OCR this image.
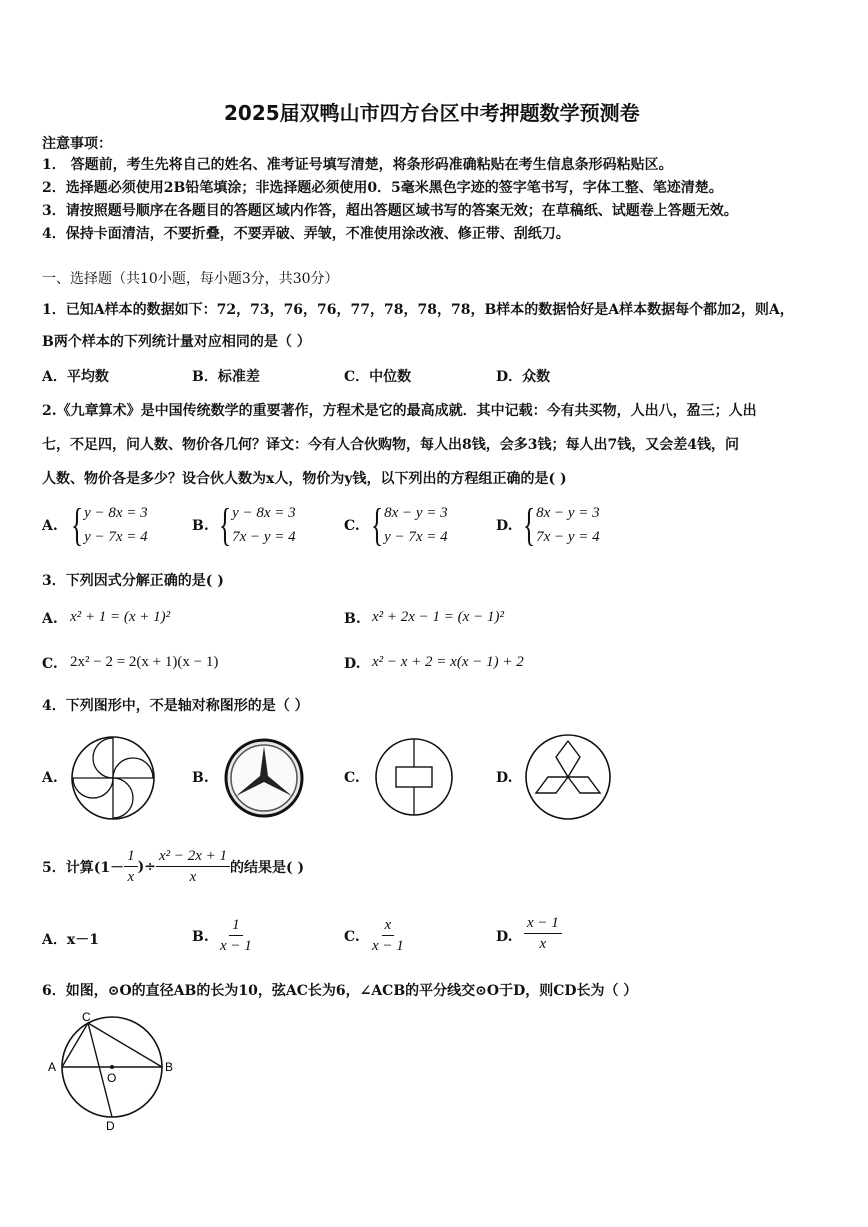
2025届双鸭山市四方台区中考押题数学预测卷
注意事项：
1． 答题前，考生先将自己的姓名、准考证号填写清楚，将条形码准确粘贴在考生信息条形码粘贴区。
2．选择题必须使用2B铅笔填涂；非选择题必须使用0．5毫米黑色字迹的签字笔书写，字体工整、笔迹清楚。
3．请按照题号顺序在各题目的答题区域内作答，超出答题区域书写的答案无效；在草稿纸、试题卷上答题无效。
4．保持卡面清洁，不要折叠，不要弄破、弄皱，不准使用涂改液、修正带、刮纸刀。
一、选择题（共10小题，每小题3分，共30分）
1．已知A样本的数据如下：72，73，76，76，77，78，78，78，B样本的数据恰好是A样本数据每个都加2，则A，
B两个样本的下列统计量对应相同的是（ ）
A．平均数	B．标准差	C．中位数	D．众数
2.《九章算术》是中国传统数学的重要著作，方程术是它的最高成就．其中记载：今有共买物，人出八，盈三；人出
七，不足四，问人数、物价各几何？译文：今有人合伙购物，每人出8钱，会多3钱；每人出7钱，又会差4钱，问
人数、物价各是多少？设合伙人数为x人，物价为y钱，以下列出的方程组正确的是( )
A. { y − 8x = 3
y − 7x = 4
B. { y − 8x = 3
7x − y = 4
C. { 8x − y = 3
y − 7x = 4
D. { 8x − y = 3
7x − y = 4
3．下列因式分解正确的是( )
A. x² + 1 = (x + 1)²	B. x² + 2x − 1 = (x − 1)²
C. 2x² − 2 = 2(x + 1)(x − 1)	D. x² − x + 2 = x(x − 1) + 2
4．下列图形中，不是轴对称图形的是（ ）
A.	B.	C.	D.
5．计算($1- \frac{1}{x}$ )÷ $\frac{\text{x² − 2x + 1}}{x}$ 的结果是( )
A．x－1	B. $\frac{1}{x - 1}$	C. $\frac{x}{x - 1}$	D. $\frac{x - 1}{x}$
6．如图，⊙O的直径AB的长为10，弦AC长为6，∠ACB的平分线交⊙O于D，则CD长为（ ）
C
A	B
O
D
